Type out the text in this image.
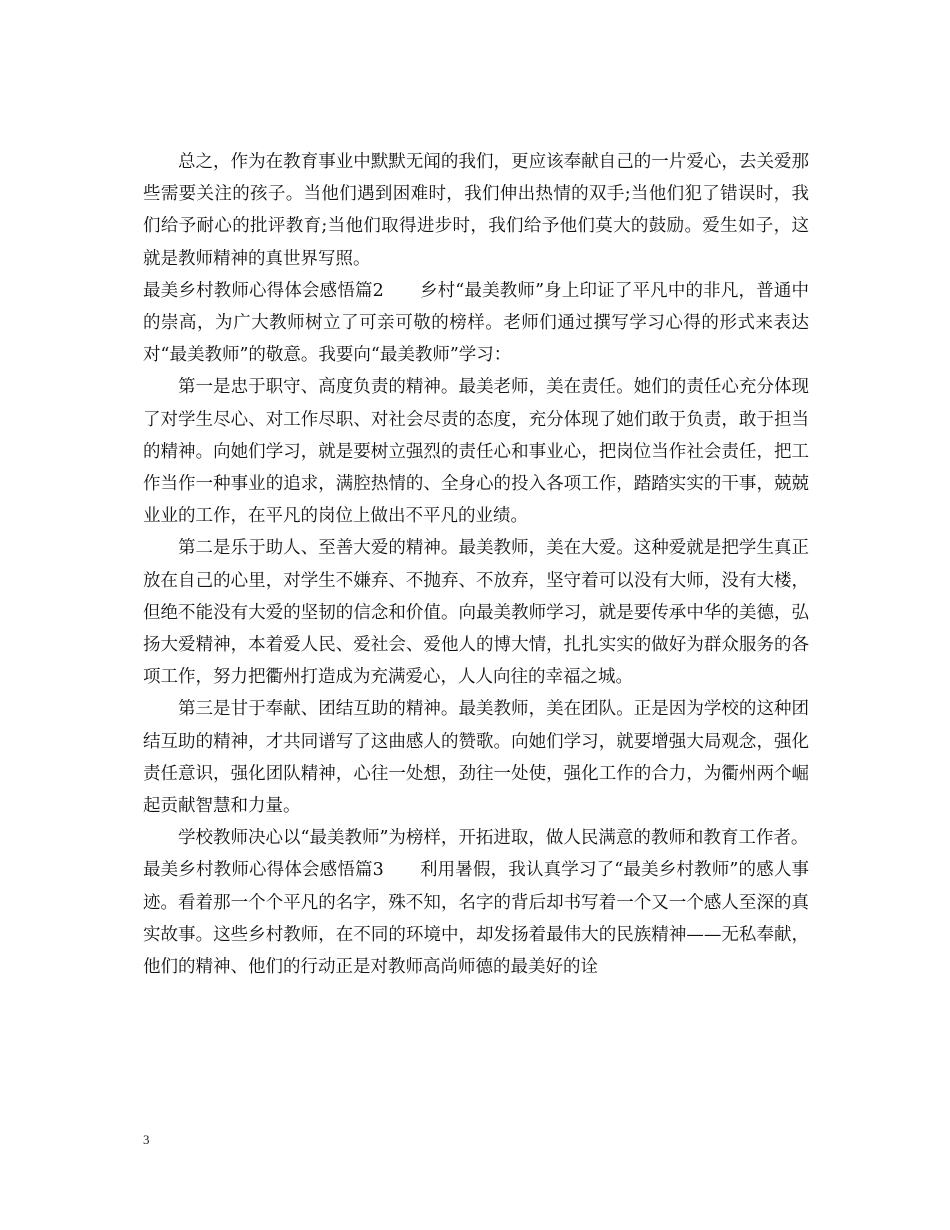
总之，作为在教育事业中默默无闻的我们，更应该奉献自己的一片爱心，去关爱那些需要关注的孩子。当他们遇到困难时，我们伸出热情的双手;当他们犯了错误时，我们给予耐心的批评教育;当他们取得进步时，我们给予他们莫大的鼓励。爱生如子，这就是教师精神的真世界写照。

最美乡村教师心得体会感悟篇2 乡村“最美教师”身上印证了平凡中的非凡，普通中的崇高，为广大教师树立了可亲可敬的榜样。老师们通过撰写学习心得的形式来表达对“最美教师”的敬意。我要向“最美教师”学习：

第一是忠于职守、高度负责的精神。最美老师，美在责任。她们的责任心充分体现了对学生尽心、对工作尽职、对社会尽责的态度，充分体现了她们敢于负责，敢于担当的精神。向她们学习，就是要树立强烈的责任心和事业心，把岗位当作社会责任，把工作当作一种事业的追求，满腔热情的、全身心的投入各项工作，踏踏实实的干事，兢兢业业的工作，在平凡的岗位上做出不平凡的业绩。

第二是乐于助人、至善大爱的精神。最美教师，美在大爱。这种爱就是把学生真正放在自己的心里，对学生不嫌弃、不抛弃、不放弃，坚守着可以没有大师，没有大楼，但绝不能没有大爱的坚韧的信念和价值。向最美教师学习，就是要传承中华的美德，弘扬大爱精神，本着爱人民、爱社会、爱他人的博大情，扎扎实实的做好为群众服务的各项工作，努力把衢州打造成为充满爱心，人人向往的幸福之城。

第三是甘于奉献、团结互助的精神。最美教师，美在团队。正是因为学校的这种团结互助的精神，才共同谱写了这曲感人的赞歌。向她们学习，就要增强大局观念，强化责任意识，强化团队精神，心往一处想，劲往一处使，强化工作的合力，为衢州两个崛起贡献智慧和力量。

学校教师决心以“最美教师”为榜样，开拓进取，做人民满意的教师和教育工作者。

最美乡村教师心得体会感悟篇3 利用暑假，我认真学习了“最美乡村教师”的感人事迹。看着那一个个平凡的名字，殊不知，名字的背后却书写着一个又一个感人至深的真实故事。这些乡村教师，在不同的环境中，却发扬着最伟大的民族精神——无私奉献，他们的精神、他们的行动正是对教师高尚师德的最美好的诠

3
